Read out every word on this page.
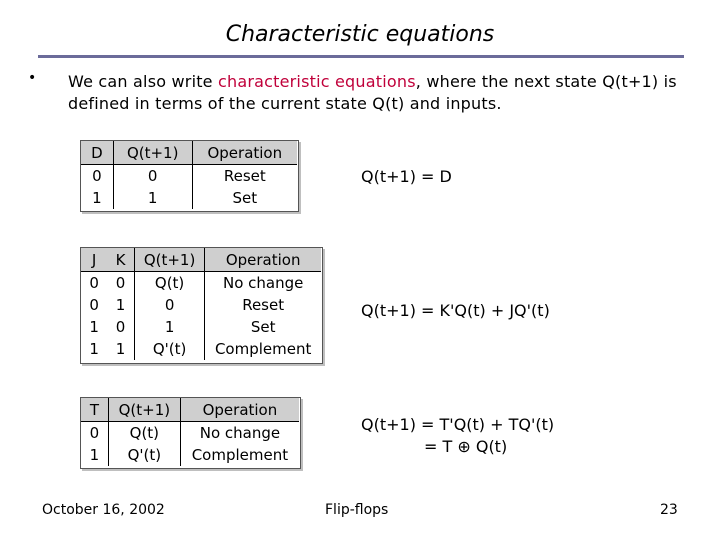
Characteristic equations
• We can also write characteristic equations, where the next state Q(t+1) is defined in terms of the current state Q(t) and inputs.
D	Q(t+1)	Operation
0	0	Reset
1	1	Set
J	K	Q(t+1)	Operation
0	0	Q(t)	No change
0	1	0	Reset
1	0	1	Set
1	1	Q'(t)	Complement
T	Q(t+1)	Operation
0	Q(t)	No change
1	Q'(t)	Complement
Q(t+1) = D
Q(t+1) = K'Q(t) + JQ'(t)
Q(t+1) = T'Q(t) + TQ'(t)
= T ⊕ Q(t)
October 16, 2002	Flip-flops	23
